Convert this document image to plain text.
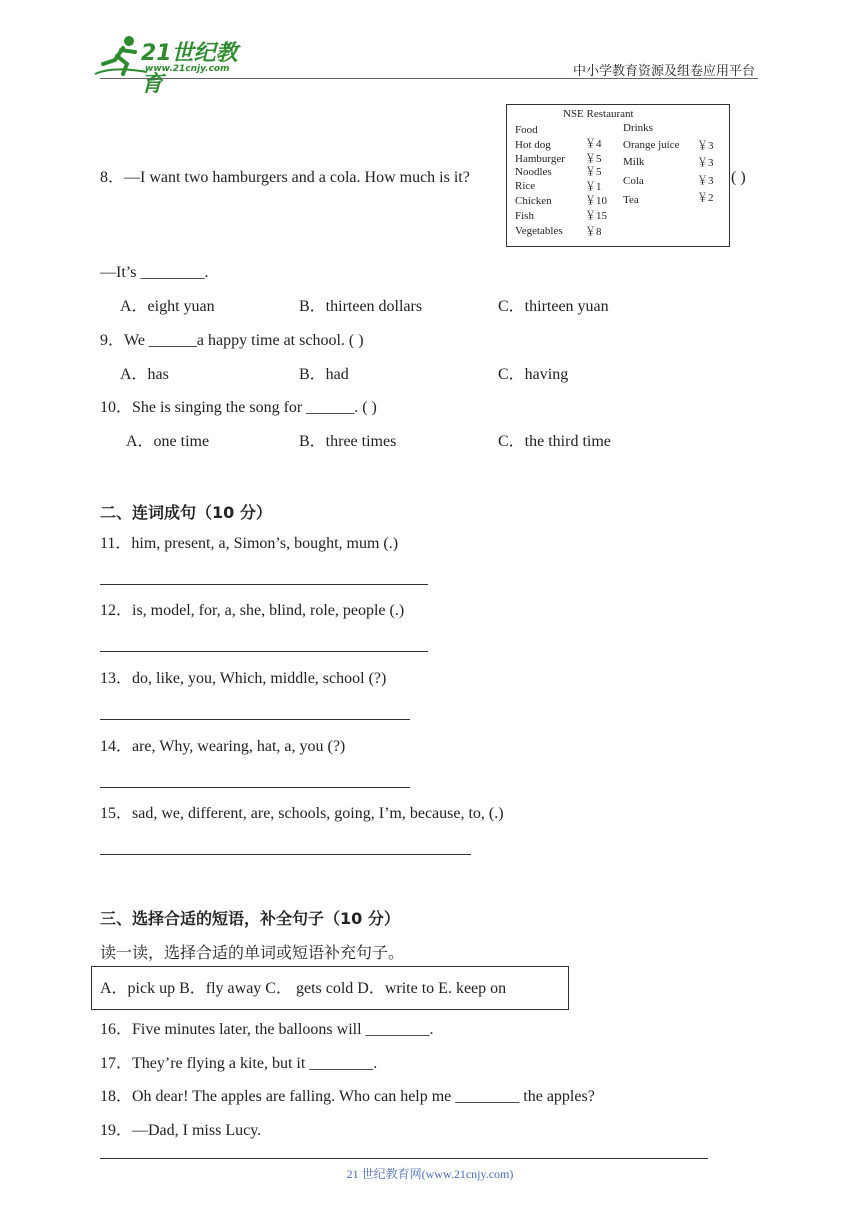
21世纪教育
www.21cnjy.com	中小学教育资源及组卷应用平台
NSE Restaurant
Food	Drinks
Hot dog	￥4
Hamburger ￥5
Noodles	￥5
Rice	￥1
Chicken	￥10
Fish	￥15
Vegetables ￥8
Orange juice ￥3
Milk	￥3
Cola	￥3
Tea	￥2
8．—I want two hamburgers and a cola. How much is it?	( )
—It’s ________.
A．eight yuan	B．thirteen dollars	C．thirteen yuan
9．We ______a happy time at school. ( )
A．has	B．had	C．having
10．She is singing the song for ______. ( )
A．one time	B．three times	C．the third time
二、连词成句（10 分）
11．him, present, a, Simon’s, bought, mum (.)
12．is, model, for, a, she, blind, role, people (.)
13．do, like, you, Which, middle, school (?)
14．are, Why, wearing, hat, a, you (?)
15．sad, we, different, are, schools, going, I’m, because, to, (.)
三、选择合适的短语，补全句子（10 分）
读一读，选择合适的单词或短语补充句子。
A．pick up B．fly away C． gets cold D．write to E. keep on
16．Five minutes later, the balloons will ________.
17．They’re flying a kite, but it ________.
18．Oh dear! The apples are falling. Who can help me ________ the apples?
19．—Dad, I miss Lucy.
21 世纪教育网(www.21cnjy.com)
